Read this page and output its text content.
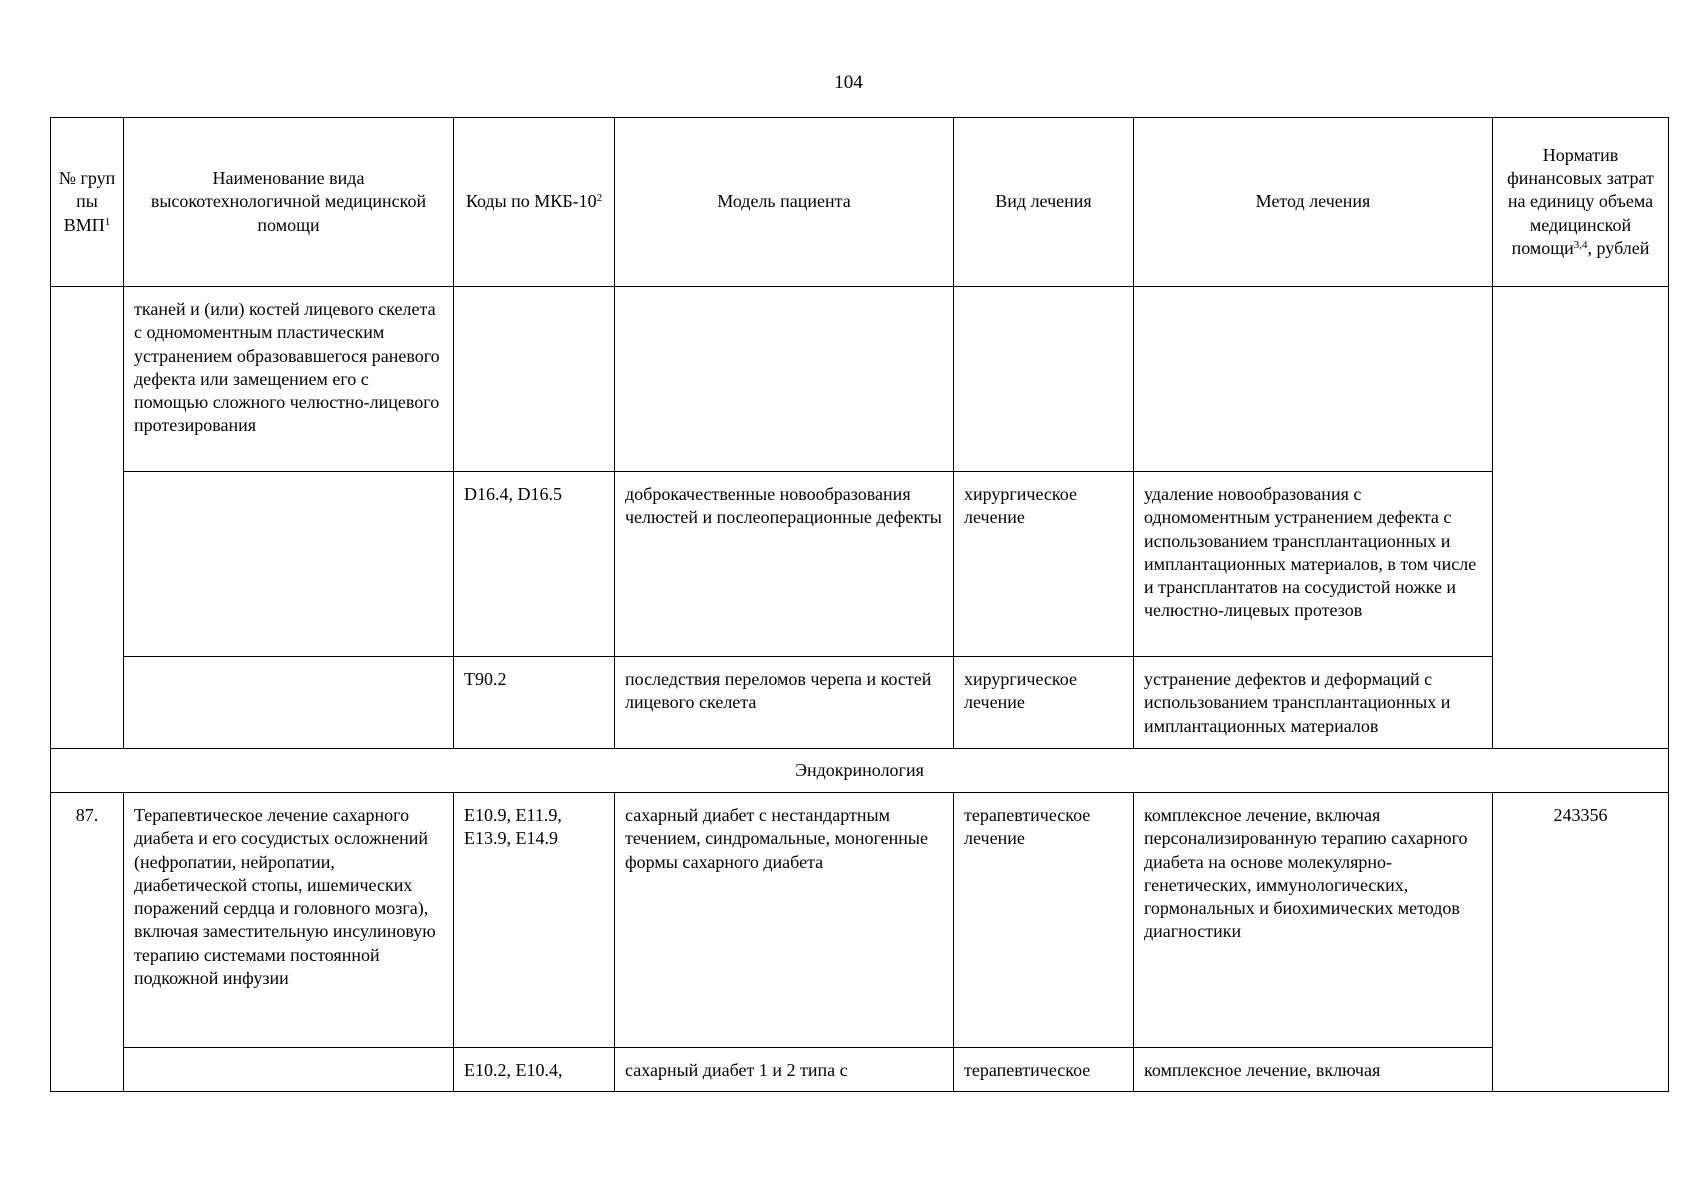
104
№ груп пы ВМП$^1$	Наименование вида высокотехнологичной медицинской помощи	Коды по МКБ-$10^2$	Модель пациента	Вид лечения	Метод лечения	Норматив финансовых затрат на единицу объема медицинской помощи$^{3,4}$, рублей
	тканей и (или) костей лицевого скелета с одномоментным пластическим устранением образовавшегося раневого дефекта или замещением его с помощью сложного челюстно-лицевого протезирования					
		D16.4, D16.5	доброкачественные новообразования челюстей и послеоперационные дефекты	хирургическое лечение	удаление новообразования с одномоментным устранением дефекта с использованием трансплантационных и имплантационных материалов, в том числе и трансплантатов на сосудистой ножке и челюстно-лицевых протезов	
		T90.2	последствия переломов черепа и костей лицевого скелета	хирургическое лечение	устранение дефектов и деформаций с использованием трансплантационных и имплантационных материалов	
Эндокринология						
87.	Терапевтическое лечение сахарного диабета и его сосудистых осложнений (нефропатии, нейропатии, диабетической стопы, ишемических поражений сердца и головного мозга), включая заместительную инсулиновую терапию системами постоянной подкожной инфузии	E10.9, E11.9, E13.9, E14.9	сахарный диабет с нестандартным течением, синдромальные, моногенные формы сахарного диабета	терапевтическое лечение	комплексное лечение, включая персонализированную терапию сахарного диабета на основе молекулярно-генетических, иммунологических, гормональных и биохимических методов диагностики	243356
		E10.2, E10.4,	сахарный диабет 1 и 2 типа с	терапевтическое	комплексное лечение, включая	
